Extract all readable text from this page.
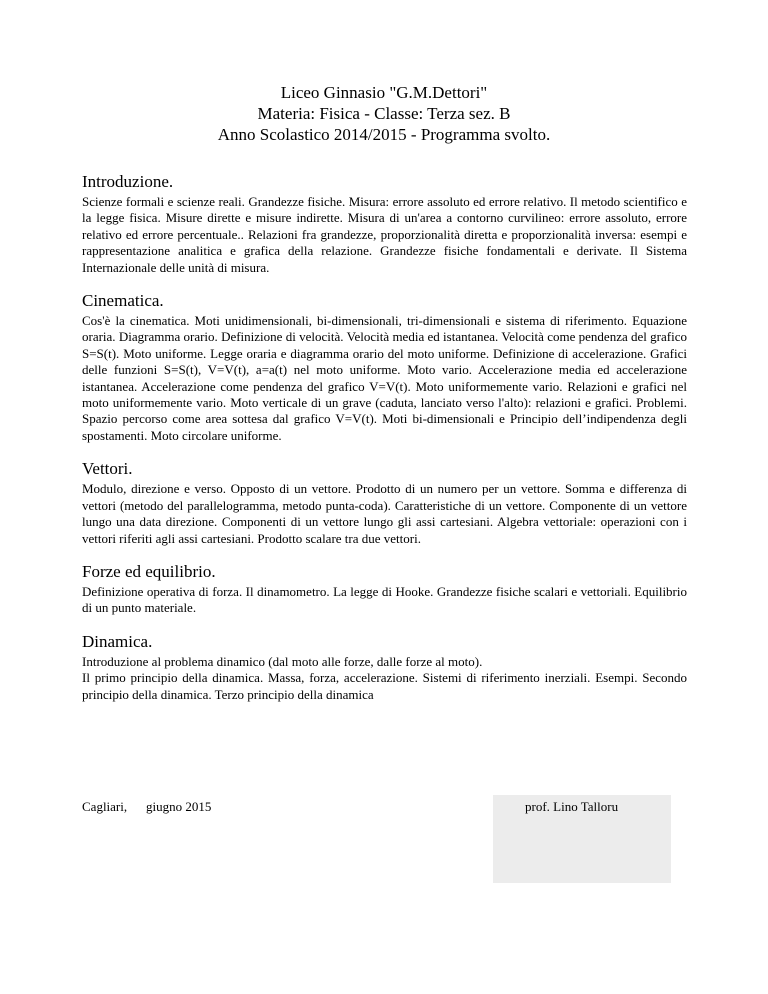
Liceo Ginnasio "G.M.Dettori"
Materia: Fisica - Classe: Terza sez. B
Anno Scolastico 2014/2015 - Programma svolto.
Introduzione.
Scienze formali e scienze reali. Grandezze fisiche. Misura: errore assoluto ed errore relativo. Il metodo scientifico e la legge fisica. Misure dirette e misure indirette. Misura di un'area a contorno curvilineo: errore assoluto, errore relativo ed errore percentuale.. Relazioni fra grandezze, proporzionalità diretta e proporzionalità inversa: esempi e rappresentazione analitica e grafica della relazione. Grandezze fisiche fondamentali e derivate. Il Sistema Internazionale delle unità di misura.
Cinematica.
Cos'è la cinematica. Moti unidimensionali, bi-dimensionali, tri-dimensionali e sistema di riferimento. Equazione oraria. Diagramma orario. Definizione di velocità. Velocità media ed istantanea. Velocità come pendenza del grafico S=S(t). Moto uniforme. Legge oraria e diagramma orario del moto uniforme. Definizione di accelerazione. Grafici delle funzioni S=S(t), V=V(t), a=a(t) nel moto uniforme. Moto vario. Accelerazione media ed accelerazione istantanea. Accelerazione come pendenza del grafico V=V(t). Moto uniformemente vario. Relazioni e grafici nel moto uniformemente vario. Moto verticale di un grave (caduta, lanciato verso l'alto): relazioni e grafici. Problemi. Spazio percorso come area sottesa dal grafico V=V(t). Moti bi-dimensionali e Principio dell’indipendenza degli spostamenti. Moto circolare uniforme.
Vettori.
Modulo, direzione e verso. Opposto di un vettore. Prodotto di un numero per un vettore. Somma e differenza di vettori (metodo del parallelogramma, metodo punta-coda). Caratteristiche di un vettore. Componente di un vettore lungo una data direzione. Componenti di un vettore lungo gli assi cartesiani. Algebra vettoriale: operazioni con i vettori riferiti agli assi cartesiani. Prodotto scalare tra due vettori.
Forze ed equilibrio.
Definizione operativa di forza. Il dinamometro. La legge di Hooke. Grandezze fisiche scalari e vettoriali. Equilibrio di un punto materiale.
Dinamica.
Introduzione al problema dinamico (dal moto alle forze, dalle forze al moto).
Il primo principio della dinamica. Massa, forza, accelerazione. Sistemi di riferimento inerziali. Esempi. Secondo principio della dinamica. Terzo principio della dinamica
Cagliari, giugno 2015	prof. Lino Talloru
